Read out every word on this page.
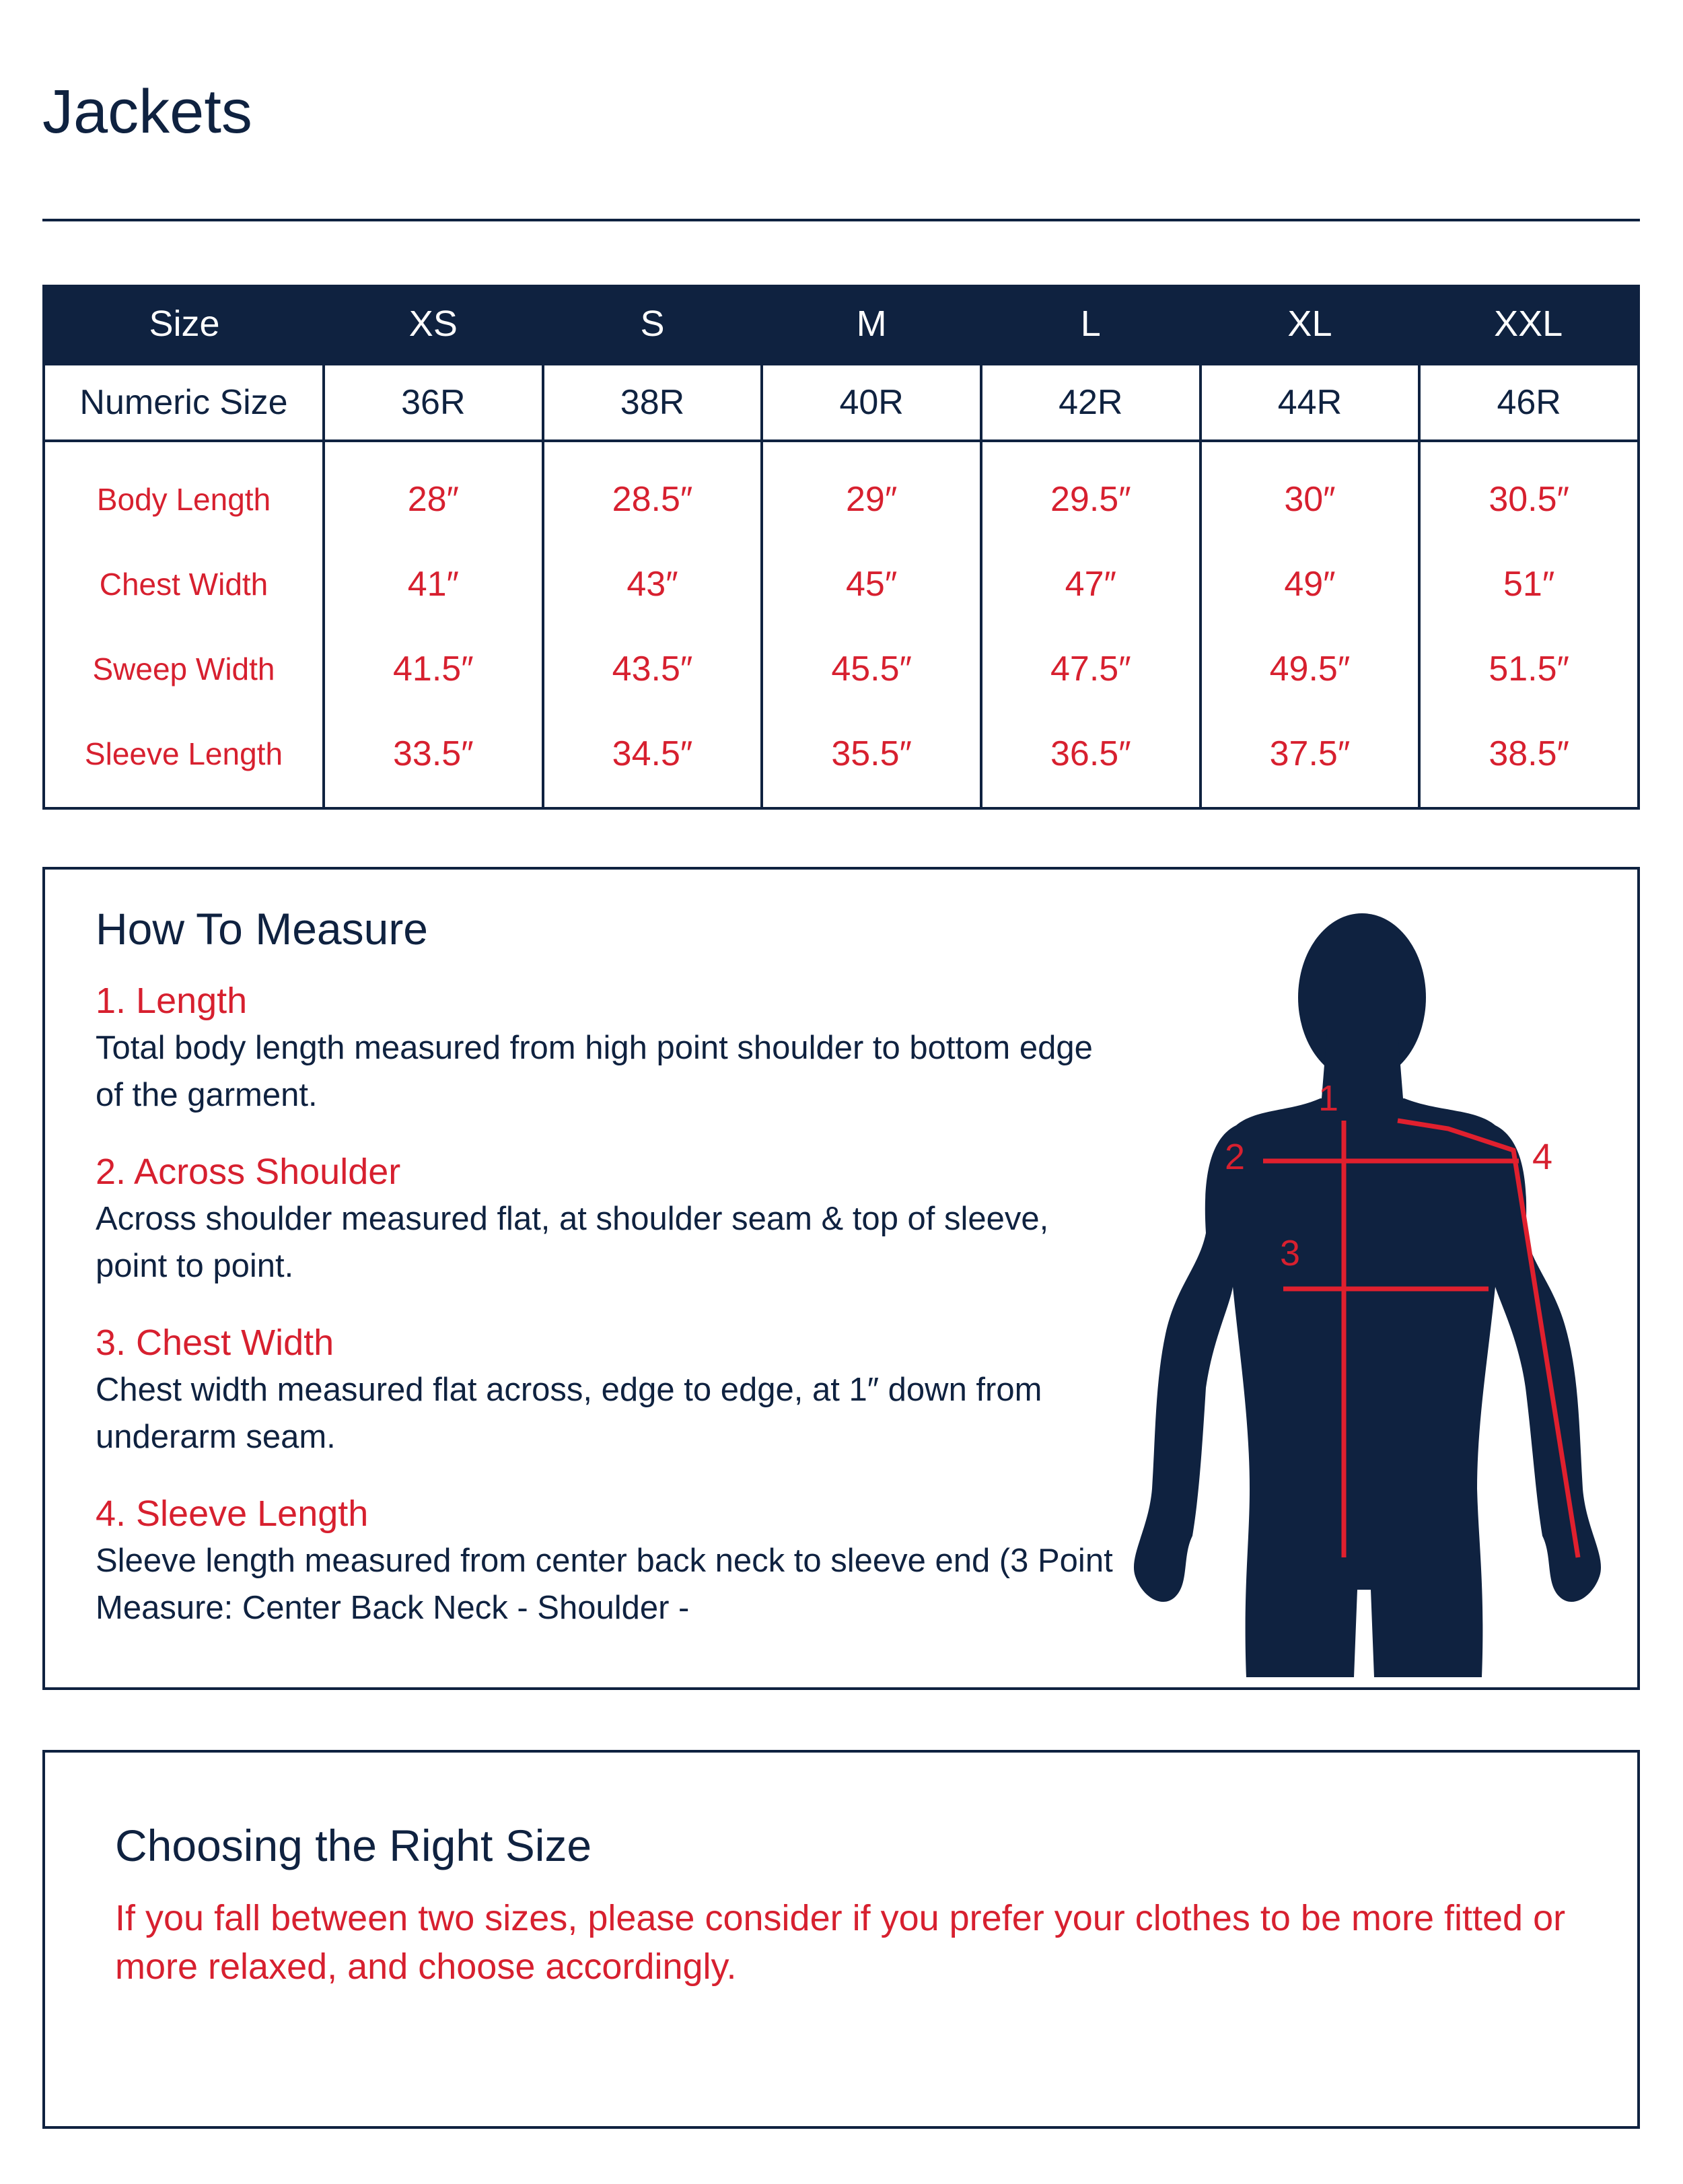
Jackets
Size	XS	S	M	L	XL	XXL
Numeric Size	36R	38R	40R	42R	44R	46R
Body Length	28″	28.5″	29″	29.5″	30″	30.5″
Chest Width	41″	43″	45″	47″	49″	51″
Sweep Width	41.5″	43.5″	45.5″	47.5″	49.5″	51.5″
Sleeve Length	33.5″	34.5″	35.5″	36.5″	37.5″	38.5″
How To Measure
1. Length
Total body length measured from high point shoulder to bottom edge of the garment.
2. Across Shoulder
Across shoulder measured flat, at shoulder seam & top of sleeve, point to point.
3. Chest Width
Chest width measured flat across, edge to edge, at 1″ down from underarm seam.
4. Sleeve Length
Sleeve length measured from center back neck to sleeve end (3 Point Measure: Center Back Neck - Shoulder -
1
2
3
4
Choosing the Right Size

If you fall between two sizes, please consider if you prefer your clothes to be more fitted or more relaxed, and choose accordingly.
